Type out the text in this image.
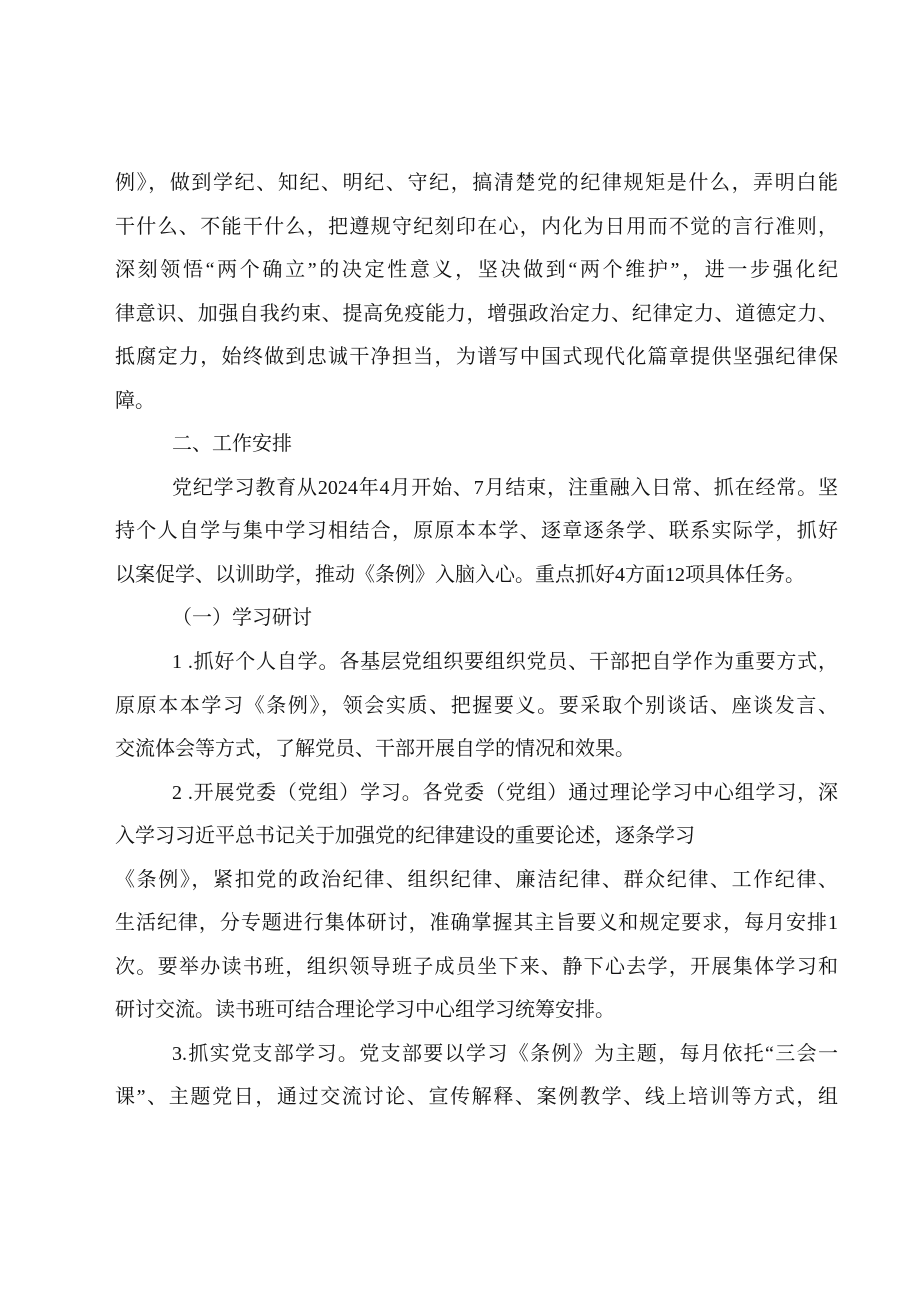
例》，做到学纪、知纪、明纪、守纪，搞清楚党的纪律规矩是什么，弄明白能
干什么、不能干什么，把遵规守纪刻印在心，内化为日用而不觉的言行准则，
深刻领悟“两个确立”的决定性意义，坚决做到“两个维护”，进一步强化纪
律意识、加强自我约束、提高免疫能力，增强政治定力、纪律定力、道德定力、
抵腐定力，始终做到忠诚干净担当，为谱写中国式现代化篇章提供坚强纪律保
障。
二、工作安排
党纪学习教育从2024年4月开始、7月结束，注重融入日常、抓在经常。坚
持个人自学与集中学习相结合，原原本本学、逐章逐条学、联系实际学，抓好
以案促学、以训助学，推动《条例》入脑入心。重点抓好4方面12项具体任务。
（一）学习研讨
1 .抓好个人自学。各基层党组织要组织党员、干部把自学作为重要方式，
原原本本学习《条例》，领会实质、把握要义。要采取个别谈话、座谈发言、
交流体会等方式，了解党员、干部开展自学的情况和效果。
2 .开展党委（党组）学习。各党委（党组）通过理论学习中心组学习，深
入学习习近平总书记关于加强党的纪律建设的重要论述，逐条学习
《条例》，紧扣党的政治纪律、组织纪律、廉洁纪律、群众纪律、工作纪律、
生活纪律，分专题进行集体研讨，准确掌握其主旨要义和规定要求，每月安排1
次。要举办读书班，组织领导班子成员坐下来、静下心去学，开展集体学习和
研讨交流。读书班可结合理论学习中心组学习统筹安排。
3.抓实党支部学习。党支部要以学习《条例》为主题，每月依托“三会一
课”、主题党日，通过交流讨论、宣传解释、案例教学、线上培训等方式，组
